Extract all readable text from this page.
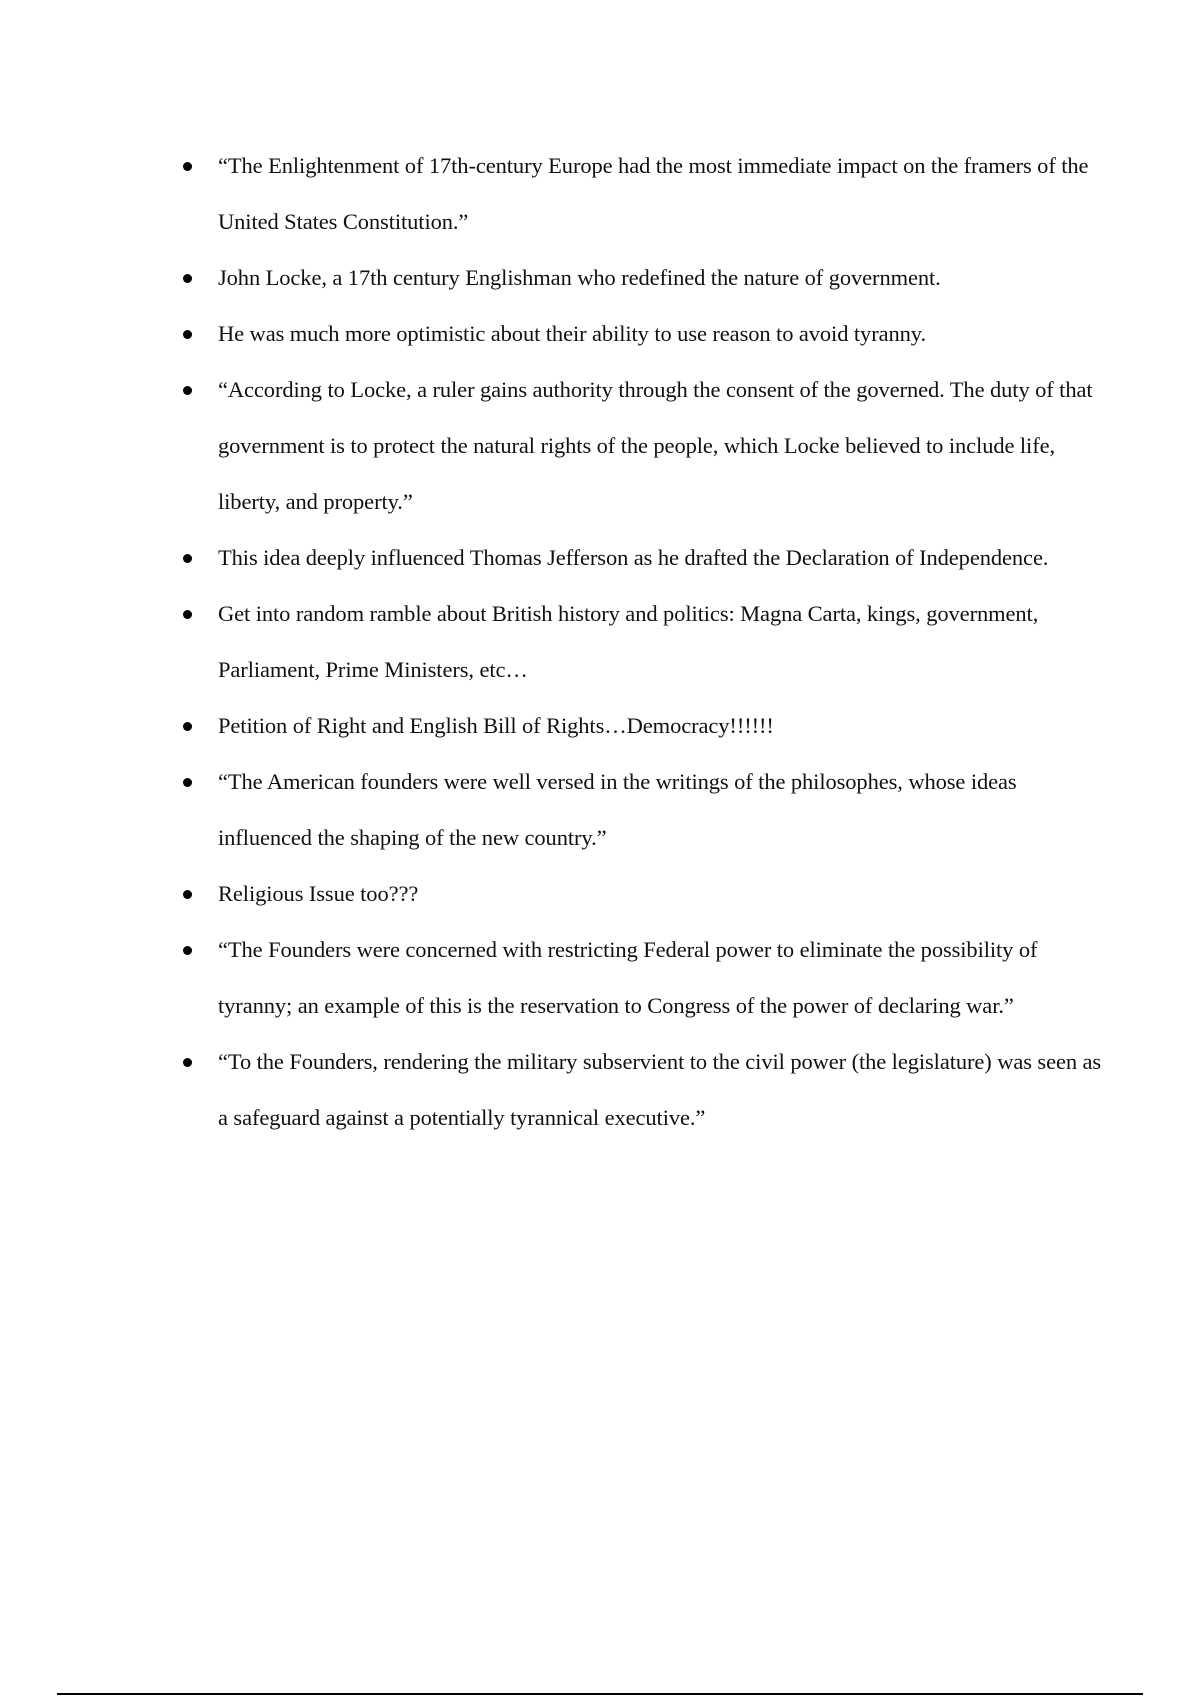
“The Enlightenment of 17th-century Europe had the most immediate impact on the framers of the United States Constitution.”
John Locke, a 17th century Englishman who redefined the nature of government.
He was much more optimistic about their ability to use reason to avoid tyranny.
“According to Locke, a ruler gains authority through the consent of the governed. The duty of that government is to protect the natural rights of the people, which Locke believed to include life, liberty, and property.”
This idea deeply influenced Thomas Jefferson as he drafted the Declaration of Independence.
Get into random ramble about British history and politics: Magna Carta, kings, government, Parliament, Prime Ministers, etc…
Petition of Right and English Bill of Rights…Democracy!!!!!!
“The American founders were well versed in the writings of the philosophes, whose ideas influenced the shaping of the new country.”
Religious Issue too???
“The Founders were concerned with restricting Federal power to eliminate the possibility of tyranny; an example of this is the reservation to Congress of the power of declaring war.”
“To the Founders, rendering the military subservient to the civil power (the legislature) was seen as a safeguard against a potentially tyrannical executive.”
